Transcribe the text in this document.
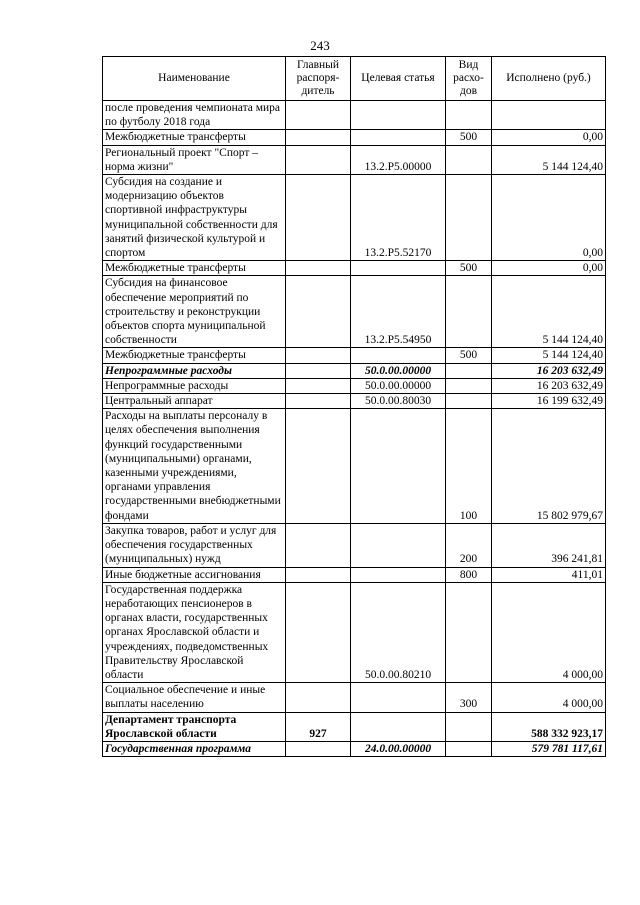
243
Наименование	Главный распоря-дитель	Целевая статья	Вид расхо-дов	Исполнено (руб.)
после проведения чемпионата мира по футболу 2018 года				
Межбюджетные трансферты			500	0,00
Региональный проект "Спорт – норма жизни"		13.2.Р5.00000		5 144 124,40
Субсидия на создание и модернизацию объектов спортивной инфраструктуры муниципальной собственности для занятий физической культурой и спортом		13.2.Р5.52170		0,00
Межбюджетные трансферты			500	0,00
Субсидия на финансовое обеспечение мероприятий по строительству и реконструкции объектов спорта муниципальной собственности		13.2.Р5.54950		5 144 124,40
Межбюджетные трансферты			500	5 144 124,40
Непрограммные расходы		50.0.00.00000		16 203 632,49
Непрограммные расходы		50.0.00.00000		16 203 632,49
Центральный аппарат		50.0.00.80030		16 199 632,49
Расходы на выплаты персоналу в целях обеспечения выполнения функций государственными (муниципальными) органами, казенными учреждениями, органами управления государственными внебюджетными фондами			100	15 802 979,67
Закупка товаров, работ и услуг для обеспечения государственных (муниципальных) нужд			200	396 241,81
Иные бюджетные ассигнования			800	411,01
Государственная поддержка неработающих пенсионеров в органах власти, государственных органах Ярославской области и учреждениях, подведомственных Правительству Ярославской области		50.0.00.80210		4 000,00
Социальное обеспечение и иные выплаты населению			300	4 000,00
Департамент транспорта Ярославской области	927			588 332 923,17
Государственная программа		24.0.00.00000		579 781 117,61
